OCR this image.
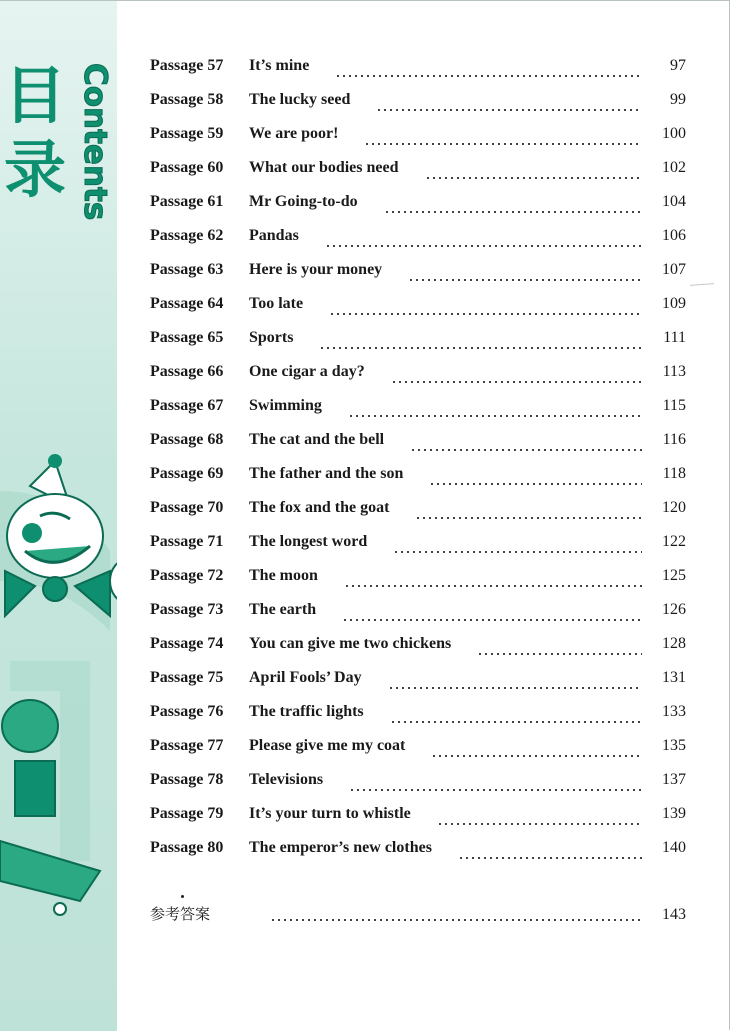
目录 Contents Passage 57	It’s mine	97
Passage 58	The lucky seed	99
Passage 59	We are poor!	100
Passage 60	What our bodies need	102
Passage 61	Mr Going-to-do	104
Passage 62	Pandas	106
Passage 63	Here is your money	107
Passage 64	Too late	109
Passage 65	Sports	111
Passage 66	One cigar a day?	113
Passage 67	Swimming	115
Passage 68	The cat and the bell	116
Passage 69	The father and the son	118
Passage 70	The fox and the goat	120
Passage 71	The longest word	122
Passage 72	The moon	125
Passage 73	The earth	126
Passage 74	You can give me two chickens	128
Passage 75	April Fools’ Day	131
Passage 76	The traffic lights	133
Passage 77	Please give me my coat	135
Passage 78	Televisions	137
Passage 79	It’s your turn to whistle	139
Passage 80	The emperor’s new clothes	140
参考答案	143
